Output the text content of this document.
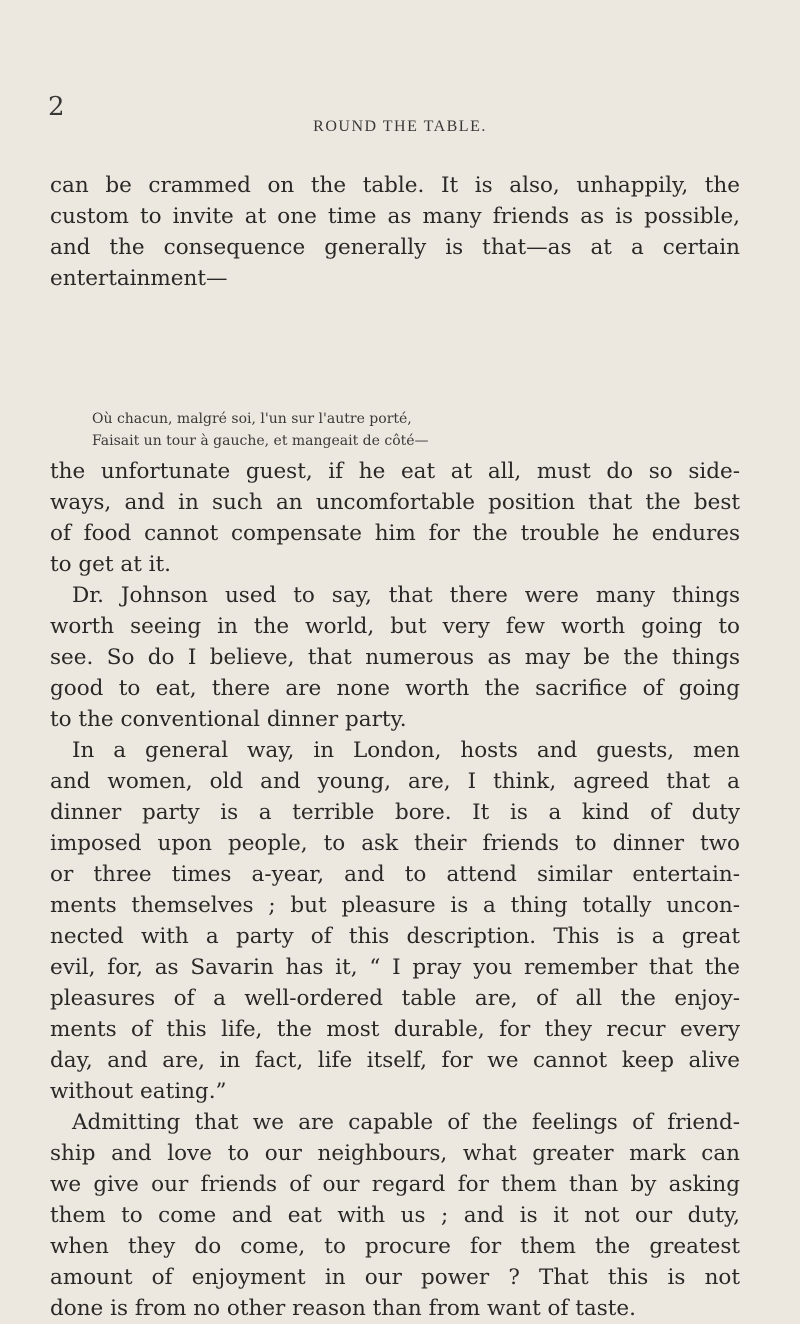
2
ROUND THE TABLE.
can be crammed on the table. It is also, unhappily, the
custom to invite at one time as many friends as is possible,
and the consequence generally is that—as at a certain
entertainment—
Où chacun, malgré soi, l'un sur l'autre porté,
Faisait un tour à gauche, et mangeait de côté—
the unfortunate guest, if he eat at all, must do so side-
ways, and in such an uncomfortable position that the best
of food cannot compensate him for the trouble he endures
to get at it.
Dr. Johnson used to say, that there were many things
worth seeing in the world, but very few worth going to
see. So do I believe, that numerous as may be the things
good to eat, there are none worth the sacrifice of going
to the conventional dinner party.
In a general way, in London, hosts and guests, men
and women, old and young, are, I think, agreed that a
dinner party is a terrible bore. It is a kind of duty
imposed upon people, to ask their friends to dinner two
or three times a-year, and to attend similar entertain-
ments themselves ; but pleasure is a thing totally uncon-
nected with a party of this description. This is a great
evil, for, as Savarin has it, “ I pray you remember that the
pleasures of a well-ordered table are, of all the enjoy-
ments of this life, the most durable, for they recur every
day, and are, in fact, life itself, for we cannot keep alive
without eating.”
Admitting that we are capable of the feelings of friend-
ship and love to our neighbours, what greater mark can
we give our friends of our regard for them than by asking
them to come and eat with us ; and is it not our duty,
when they do come, to procure for them the greatest
amount of enjoyment in our power ? That this is not
done is from no other reason than from want of taste.
